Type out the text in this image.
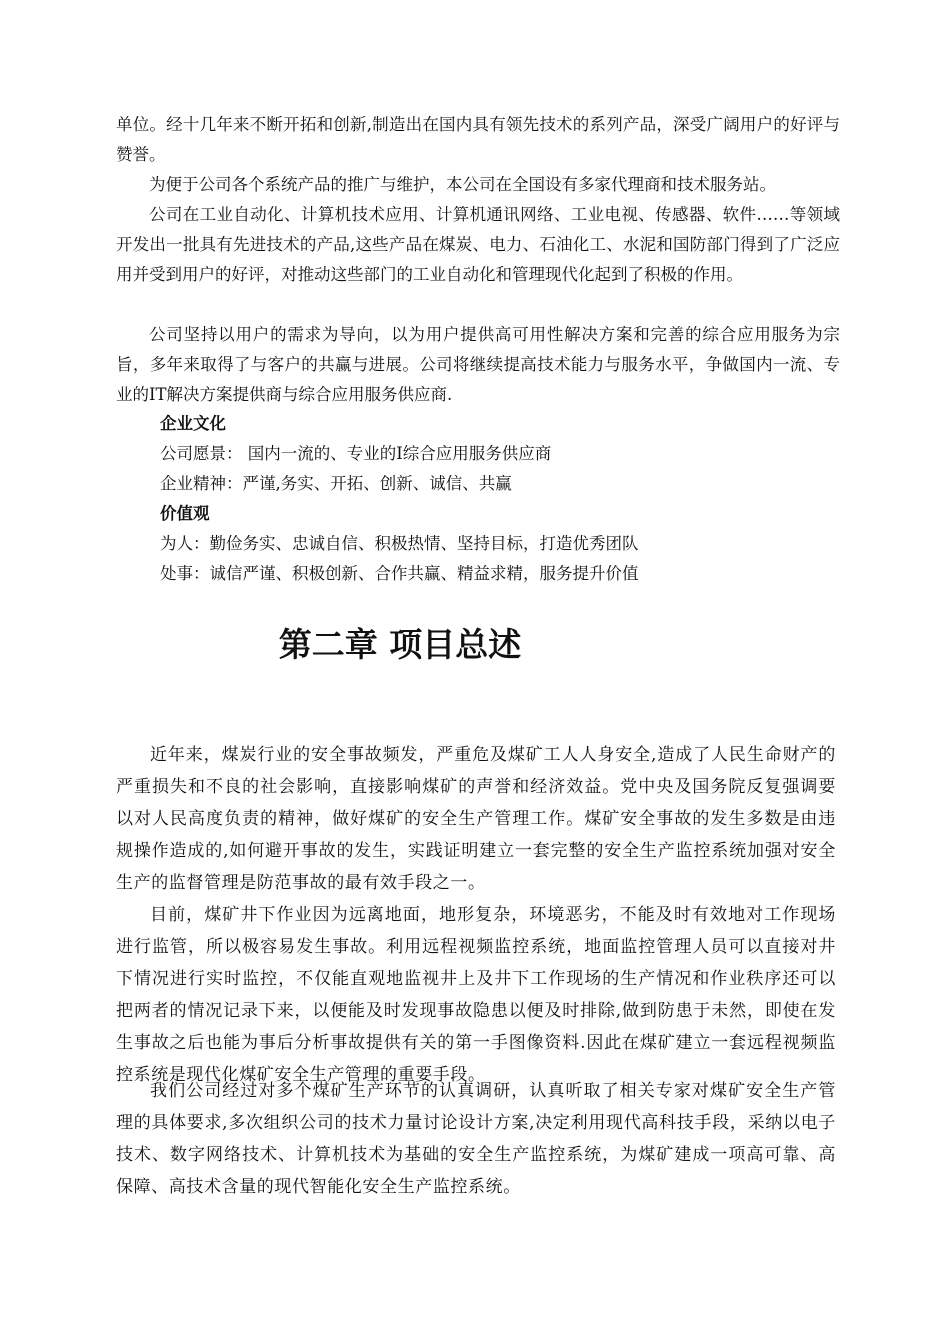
单位。经十几年来不断开拓和创新,制造出在国内具有领先技术的系列产品，深受广阔用户的好评与赞誉。

为便于公司各个系统产品的推广与维护，本公司在全国设有多家代理商和技术服务站。

公司在工业自动化、计算机技术应用、计算机通讯网络、工业电视、传感器、软件……等领域开发出一批具有先进技术的产品,这些产品在煤炭、电力、石油化工、水泥和国防部门得到了广泛应用并受到用户的好评，对推动这些部门的工业自动化和管理现代化起到了积极的作用。

公司坚持以用户的需求为导向，以为用户提供高可用性解决方案和完善的综合应用服务为宗旨，多年来取得了与客户的共赢与进展。公司将继续提高技术能力与服务水平，争做国内一流、专业的IT解决方案提供商与综合应用服务供应商.

企业文化

公司愿景： 国内一流的、专业的I综合应用服务供应商

企业精神：严谨,务实、开拓、创新、诚信、共赢

价值观

为人：勤俭务实、忠诚自信、积极热情、坚持目标，打造优秀团队

处事：诚信严谨、积极创新、合作共赢、精益求精，服务提升价值

第二章 项目总述

近年来，煤炭行业的安全事故频发，严重危及煤矿工人人身安全,造成了人民生命财产的严重损失和不良的社会影响，直接影响煤矿的声誉和经济效益。党中央及国务院反复强调要以对人民高度负责的精神，做好煤矿的安全生产管理工作。煤矿安全事故的发生多数是由违规操作造成的,如何避开事故的发生，实践证明建立一套完整的安全生产监控系统加强对安全生产的监督管理是防范事故的最有效手段之一。

目前，煤矿井下作业因为远离地面，地形复杂，环境恶劣，不能及时有效地对工作现场进行监管，所以极容易发生事故。利用远程视频监控系统，地面监控管理人员可以直接对井下情况进行实时监控，不仅能直观地监视井上及井下工作现场的生产情况和作业秩序还可以把两者的情况记录下来，以便能及时发现事故隐患以便及时排除,做到防患于未然，即使在发生事故之后也能为事后分析事故提供有关的第一手图像资料.因此在煤矿建立一套远程视频监控系统是现代化煤矿安全生产管理的重要手段。

我们公司经过对多个煤矿生产环节的认真调研，认真听取了相关专家对煤矿安全生产管理的具体要求,多次组织公司的技术力量讨论设计方案,决定利用现代高科技手段，采纳以电子技术、数字网络技术、计算机技术为基础的安全生产监控系统，为煤矿建成一项高可靠、高保障、高技术含量的现代智能化安全生产监控系统。
